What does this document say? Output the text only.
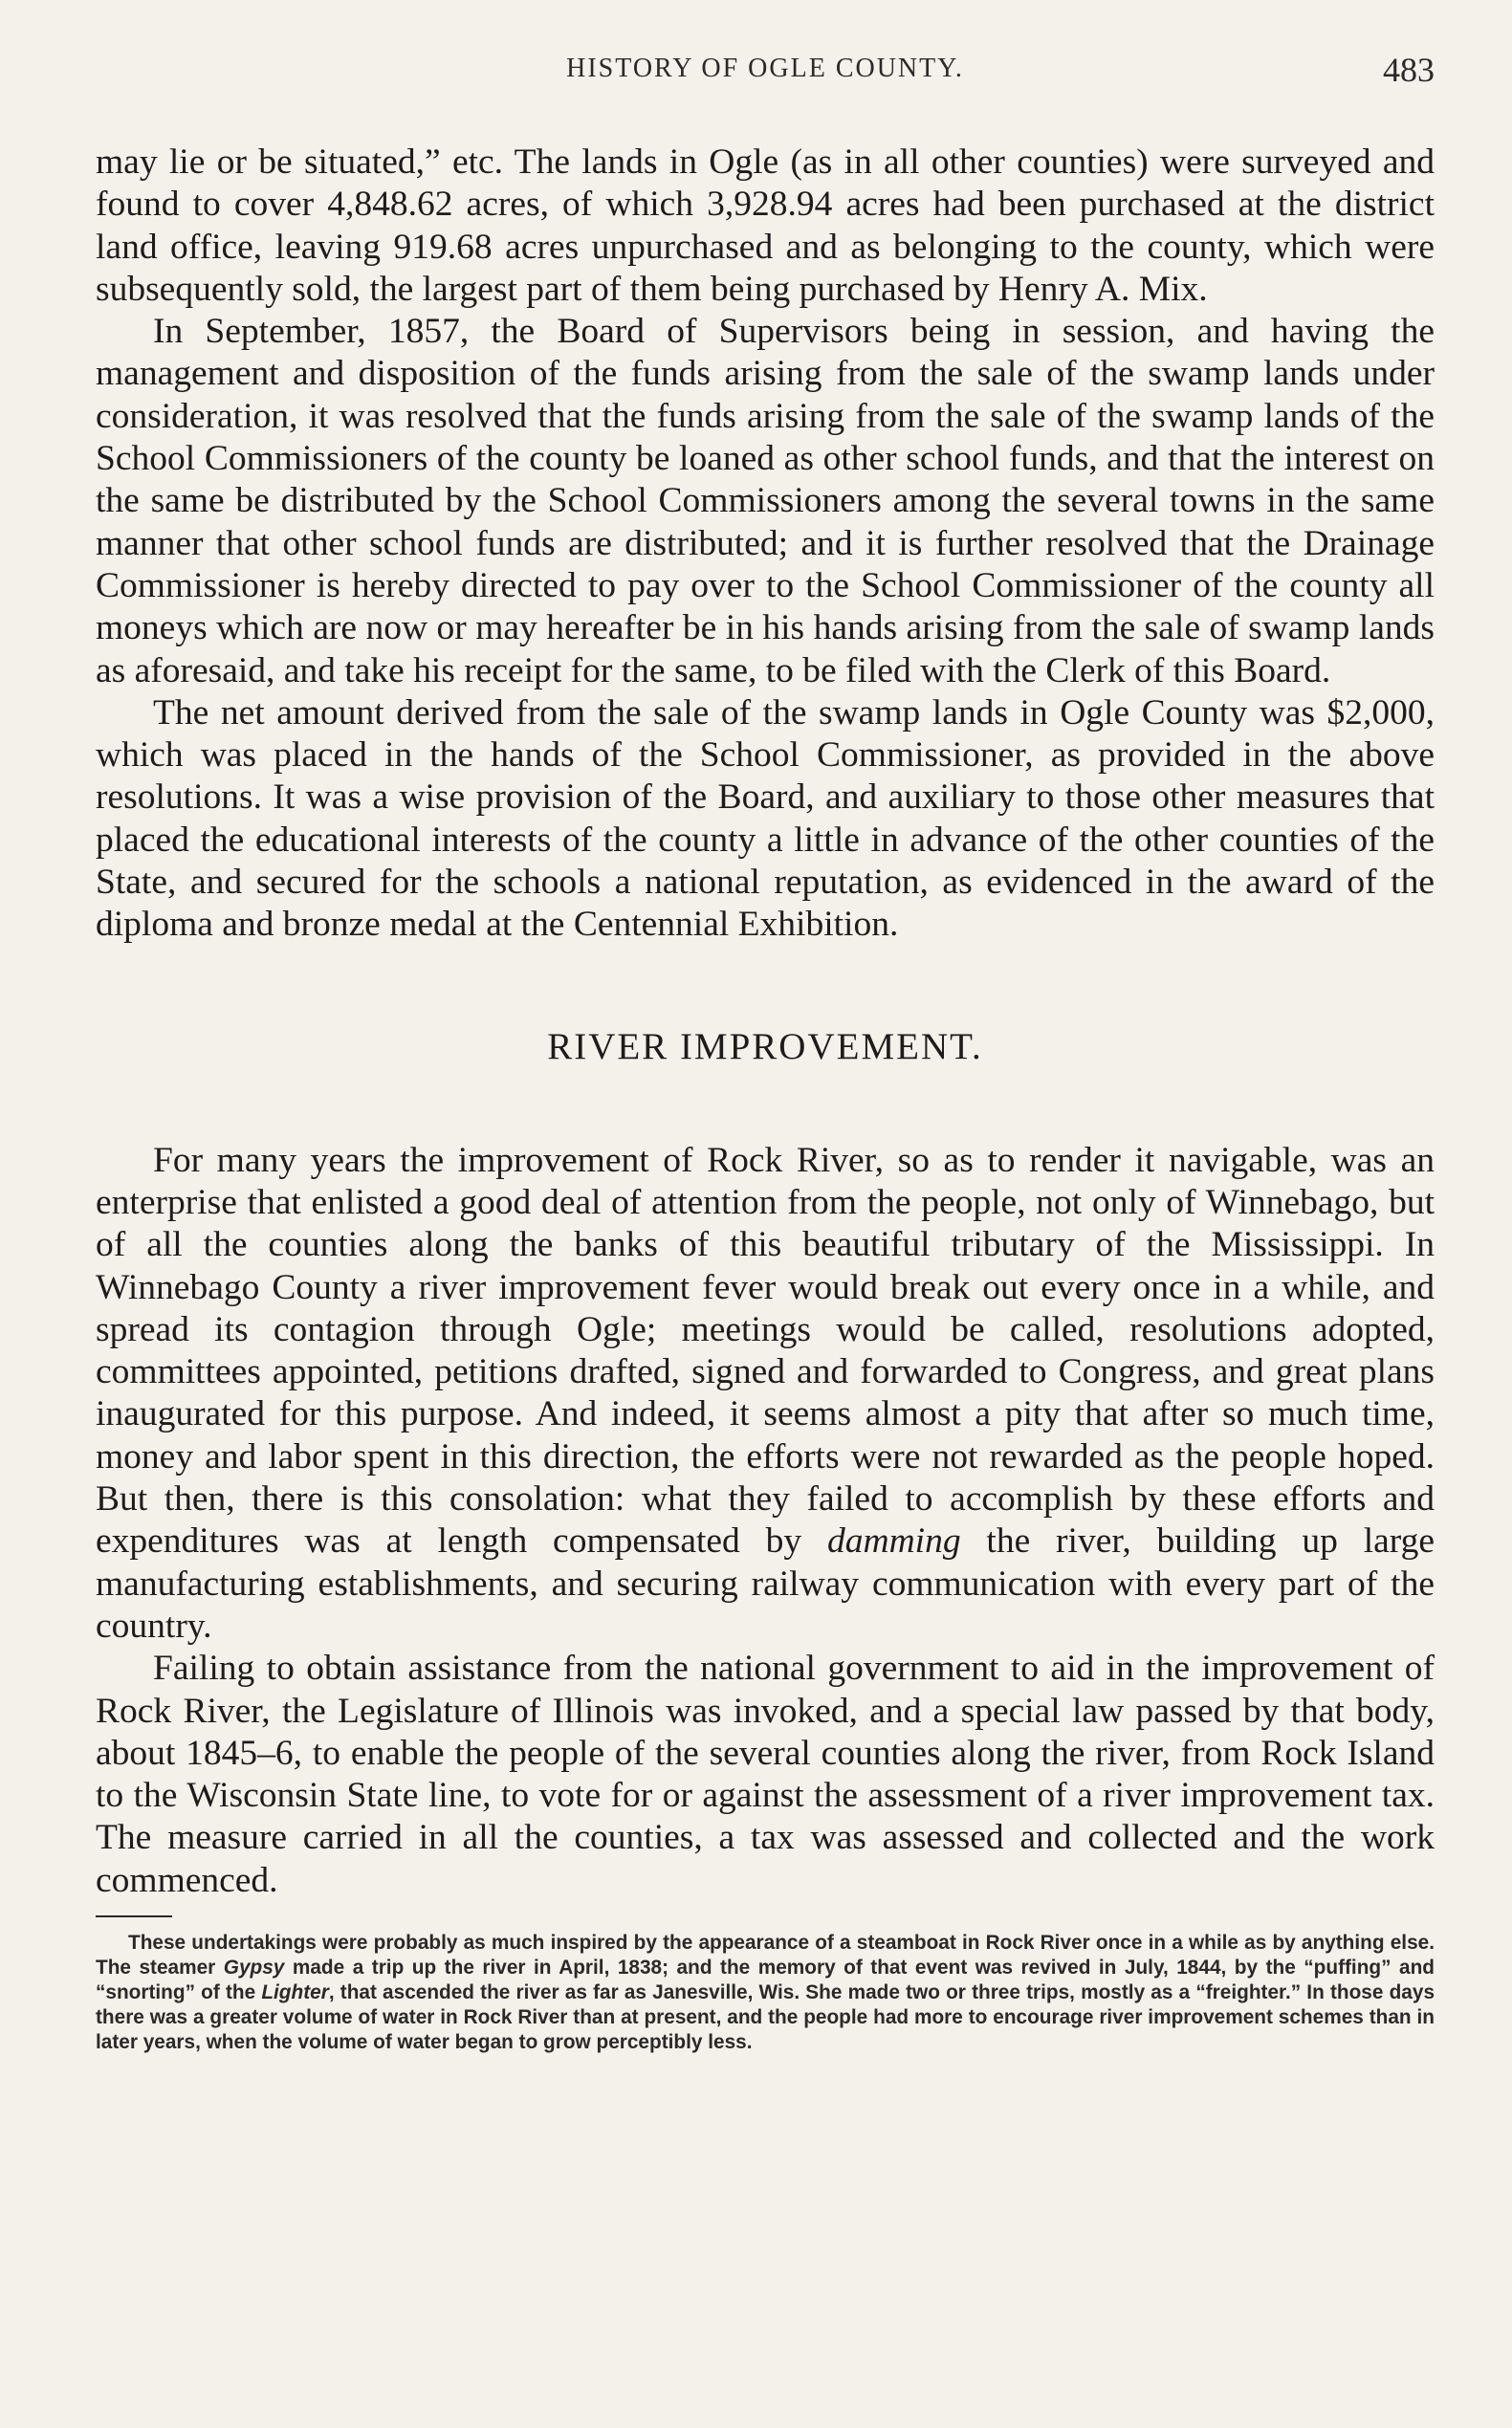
HISTORY OF OGLE COUNTY.	483

may lie or be situated,” etc. The lands in Ogle (as in all other counties) were surveyed and found to cover 4,848.62 acres, of which 3,928.94 acres had been purchased at the district land office, leaving 919.68 acres unpurchased and as belonging to the county, which were subsequently sold, the largest part of them being purchased by Henry A. Mix.

In September, 1857, the Board of Supervisors being in session, and having the management and disposition of the funds arising from the sale of the swamp lands under consideration, it was resolved that the funds arising from the sale of the swamp lands of the School Commissioners of the county be loaned as other school funds, and that the interest on the same be distributed by the School Commissioners among the several towns in the same manner that other school funds are distributed; and it is further resolved that the Drainage Commissioner is hereby directed to pay over to the School Commissioner of the county all moneys which are now or may hereafter be in his hands arising from the sale of swamp lands as aforesaid, and take his receipt for the same, to be filed with the Clerk of this Board.

The net amount derived from the sale of the swamp lands in Ogle County was $2,000, which was placed in the hands of the School Commissioner, as provided in the above resolutions. It was a wise provision of the Board, and auxiliary to those other measures that placed the educational interests of the county a little in advance of the other counties of the State, and secured for the schools a national reputation, as evidenced in the award of the diploma and bronze medal at the Centennial Exhibition.

RIVER IMPROVEMENT.

For many years the improvement of Rock River, so as to render it navigable, was an enterprise that enlisted a good deal of attention from the people, not only of Winnebago, but of all the counties along the banks of this beautiful tributary of the Mississippi. In Winnebago County a river improvement fever would break out every once in a while, and spread its contagion through Ogle; meetings would be called, resolutions adopted, committees appointed, petitions drafted, signed and forwarded to Congress, and great plans inaugurated for this purpose. And indeed, it seems almost a pity that after so much time, money and labor spent in this direction, the efforts were not rewarded as the people hoped. But then, there is this consolation: what they failed to accomplish by these efforts and expenditures was at length compensated by damming the river, building up large manufacturing establishments, and securing railway communication with every part of the country.

Failing to obtain assistance from the national government to aid in the improvement of Rock River, the Legislature of Illinois was invoked, and a special law passed by that body, about 1845–6, to enable the people of the several counties along the river, from Rock Island to the Wisconsin State line, to vote for or against the assessment of a river improvement tax. The measure carried in all the counties, a tax was assessed and collected and the work commenced.

These undertakings were probably as much inspired by the appearance of a steamboat in Rock River once in a while as by anything else. The steamer Gypsy made a trip up the river in April, 1838; and the memory of that event was revived in July, 1844, by the “puffing” and “snorting” of the Lighter, that ascended the river as far as Janesville, Wis. She made two or three trips, mostly as a “freighter.” In those days there was a greater volume of water in Rock River than at present, and the people had more to encourage river improvement schemes than in later years, when the volume of water began to grow perceptibly less.
